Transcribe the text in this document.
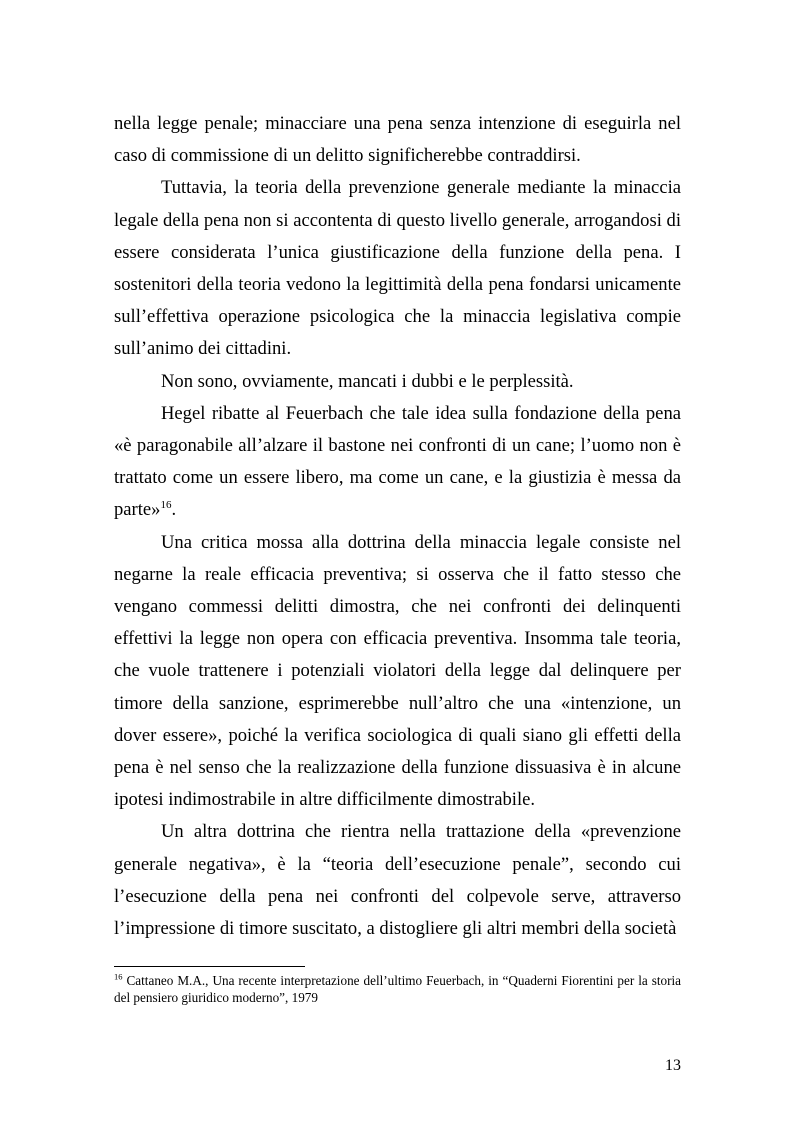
nella legge penale; minacciare una pena senza intenzione di eseguirla nel caso di commissione di un delitto significherebbe contraddirsi.

Tuttavia, la teoria della prevenzione generale mediante la minaccia legale della pena non si accontenta di questo livello generale, arrogandosi di essere considerata l’unica giustificazione della funzione della pena. I sostenitori della teoria vedono la legittimità della pena fondarsi unicamente sull’effettiva operazione psicologica che la minaccia legislativa compie sull’animo dei cittadini.

Non sono, ovviamente, mancati i dubbi e le perplessità.

Hegel ribatte al Feuerbach che tale idea sulla fondazione della pena «è paragonabile all’alzare il bastone nei confronti di un cane; l’uomo non è trattato come un essere libero, ma come un cane, e la giustizia è messa da parte»$^{16}$.

Una critica mossa alla dottrina della minaccia legale consiste nel negarne la reale efficacia preventiva; si osserva che il fatto stesso che vengano commessi delitti dimostra, che nei confronti dei delinquenti effettivi la legge non opera con efficacia preventiva. Insomma tale teoria, che vuole trattenere i potenziali violatori della legge dal delinquere per timore della sanzione, esprimerebbe null’altro che una «intenzione, un dover essere», poiché la verifica sociologica di quali siano gli effetti della pena è nel senso che la realizzazione della funzione dissuasiva è in alcune ipotesi indimostrabile in altre difficilmente dimostrabile.

Un altra dottrina che rientra nella trattazione della «prevenzione generale negativa», è la “teoria dell’esecuzione penale”, secondo cui l’esecuzione della pena nei confronti del colpevole serve, attraverso l’impressione di timore suscitato, a distogliere gli altri membri della società

$^{16}$ Cattaneo M.A., Una recente interpretazione dell’ultimo Feuerbach, in “Quaderni Fiorentini per la storia del pensiero giuridico moderno”, 1979

13
